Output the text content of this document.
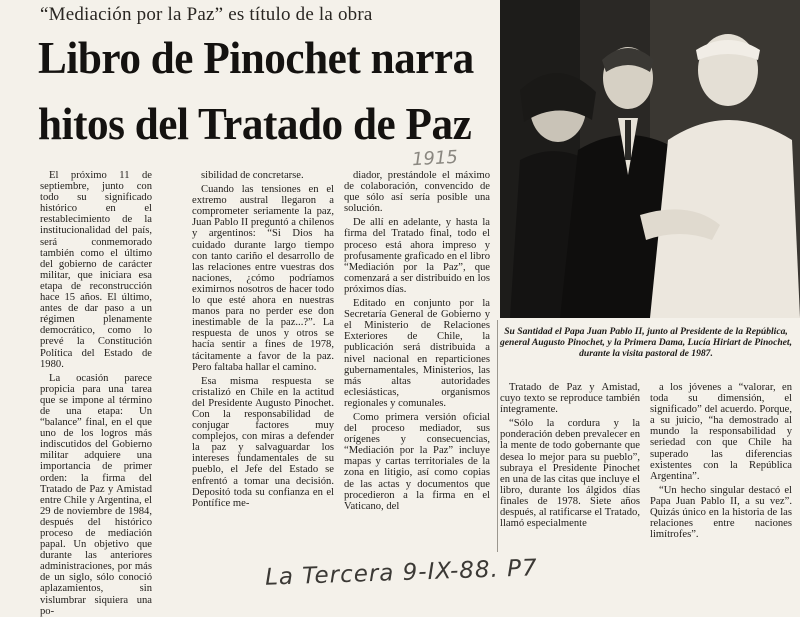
“Mediación por la Paz” es título de la obra
Libro de Pinochet narra
hitos del Tratado de Paz
1915
Su Santidad el Papa Juan Pablo II, junto al Presidente de la República, general Augusto Pinochet, y la Primera Dama, Lucía Hiriart de Pinochet, durante la visita pastoral de 1987.

El próximo 11 de septiembre, junto con todo su significado histórico en el restablecimiento de la institucionalidad del país, será conmemorado también como el último del gobierno de carácter militar, que iniciara esa etapa de reconstrucción hace 15 años. El último, antes de dar paso a un régimen plenamente democrático, como lo prevé la Constitución Política del Estado de 1980.

La ocasión parece propicia para una tarea que se impone al término de una etapa: Un “balance” final, en el que uno de los logros más indiscutidos del Gobierno militar adquiere una importancia de primer orden: la firma del Tratado de Paz y Amistad entre Chile y Argentina, el 29 de noviembre de 1984, después del histórico proceso de mediación papal. Un objetivo que durante las anteriores administraciones, por más de un siglo, sólo conoció aplazamientos, sin vislumbrar siquiera una po-

sibilidad de concretarse.

Cuando las tensiones en el extremo austral llegaron a comprometer seriamente la paz, Juan Pablo II preguntó a chilenos y argentinos: “Si Dios ha cuidado durante largo tiempo con tanto cariño el desarrollo de las relaciones entre vuestras dos naciones, ¿cómo podríamos eximirnos nosotros de hacer todo lo que esté ahora en nuestras manos para no perder ese don inestimable de la paz...?”. La respuesta de unos y otros se hacía sentir a fines de 1978, tácitamente a favor de la paz. Pero faltaba hallar el camino.

Esa misma respuesta se cristalizó en Chile en la actitud del Presidente Augusto Pinochet. Con la responsabilidad de conjugar factores muy complejos, con miras a defender la paz y salvaguardar los intereses fundamentales de su pueblo, el Jefe del Estado se enfrentó a tomar una decisión. Depositó toda su confianza en el Pontífice me-

diador, prestándole el máximo de colaboración, convencido de que sólo así sería posible una solución.

De allí en adelante, y hasta la firma del Tratado final, todo el proceso está ahora impreso y profusamente graficado en el libro “Mediación por la Paz”, que comenzará a ser distribuido en los próximos días.

Editado en conjunto por la Secretaría General de Gobierno y el Ministerio de Relaciones Exteriores de Chile, la publicación será distribuida a nivel nacional en reparticiones gubernamentales, Ministerios, las más altas autoridades eclesiásticas, organismos regionales y comunales.

Como primera versión oficial del proceso mediador, sus orígenes y consecuencias, “Mediación por la Paz” incluye mapas y cartas territoriales de la zona en litigio, así como copias de las actas y documentos que procedieron a la firma en el Vaticano, del

Tratado de Paz y Amistad, cuyo texto se reproduce también íntegramente.

“Sólo la cordura y la ponderación deben prevalecer en la mente de todo gobernante que desea lo mejor para su pueblo”, subraya el Presidente Pinochet en una de las citas que incluye el libro, durante los álgidos días finales de 1978. Siete años después, al ratificarse el Tratado, llamó especialmente

a los jóvenes a “valorar, en toda su dimensión, el significado” del acuerdo. Porque, a su juicio, “ha demostrado al mundo la responsabilidad y seriedad con que Chile ha superado las diferencias existentes con la República Argentina”.

“Un hecho singular destacó el Papa Juan Pablo II, a su vez”. Quizás único en la historia de las relaciones entre naciones limítrofes”.

La Tercera 9-IX-88. P7
